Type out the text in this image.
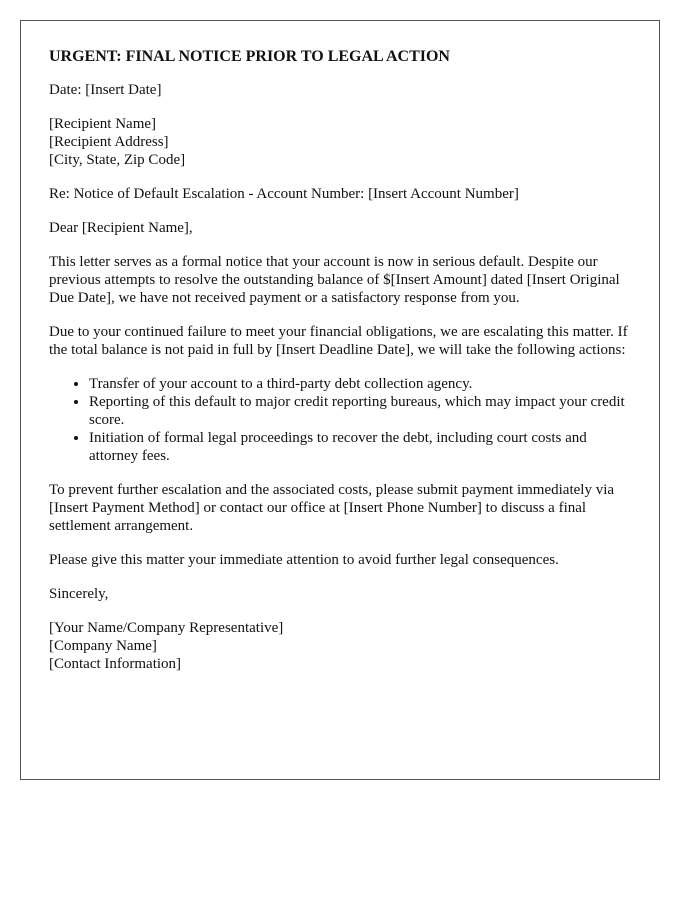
URGENT: FINAL NOTICE PRIOR TO LEGAL ACTION

Date: [Insert Date]

[Recipient Name]
[Recipient Address]
[City, State, Zip Code]

Re: Notice of Default Escalation - Account Number: [Insert Account Number]

Dear [Recipient Name],

This letter serves as a formal notice that your account is now in serious default. Despite our previous attempts to resolve the outstanding balance of $[Insert Amount] dated [Insert Original Due Date], we have not received payment or a satisfactory response from you.

Due to your continued failure to meet your financial obligations, we are escalating this matter. If the total balance is not paid in full by [Insert Deadline Date], we will take the following actions:

• Transfer of your account to a third-party debt collection agency.
• Reporting of this default to major credit reporting bureaus, which may impact your credit score.
• Initiation of formal legal proceedings to recover the debt, including court costs and attorney fees.

To prevent further escalation and the associated costs, please submit payment immediately via [Insert Payment Method] or contact our office at [Insert Phone Number] to discuss a final settlement arrangement.

Please give this matter your immediate attention to avoid further legal consequences.

Sincerely,

[Your Name/Company Representative]
[Company Name]
[Contact Information]
